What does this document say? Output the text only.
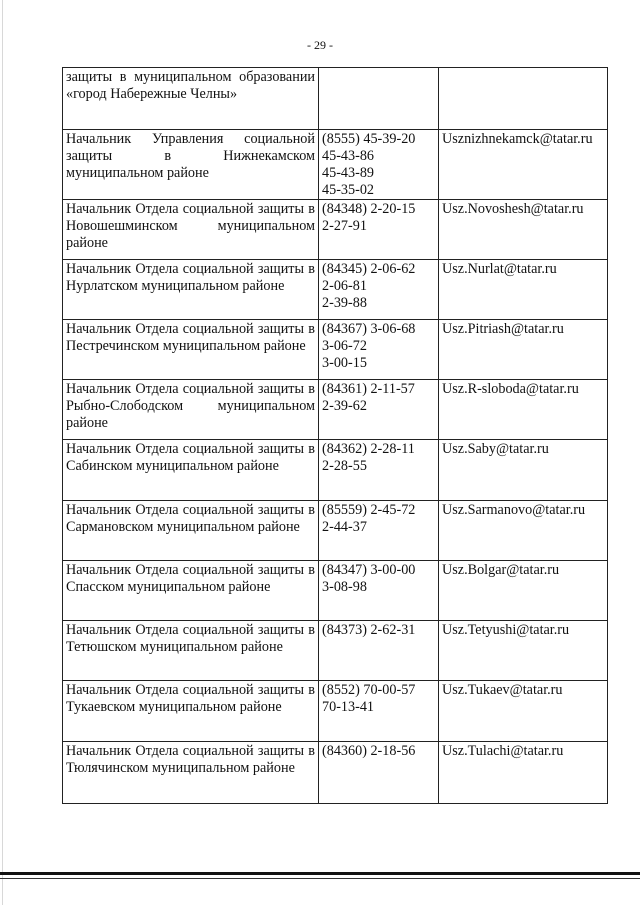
- 29 -
защиты в муниципальном образовании «город Набережные Челны»		
Начальник Управления социальной защиты в Нижнекамском муниципальном районе	(8555) 45-39-20
45-43-86
45-43-89
45-35-02	Usznizhnekamck@tatar.ru
Начальник Отдела социальной защиты в Новошешминском муниципальном районе	(84348) 2-20-15
2-27-91	Usz.Novoshesh@tatar.ru
Начальник Отдела социальной защиты в Нурлатском муниципальном районе	(84345) 2-06-62
2-06-81
2-39-88	Usz.Nurlat@tatar.ru
Начальник Отдела социальной защиты в Пестречинском муниципальном районе	(84367) 3-06-68
3-06-72
3-00-15	Usz.Pitriash@tatar.ru
Начальник Отдела социальной защиты в Рыбно-Слободском муниципальном районе	(84361) 2-11-57
2-39-62	Usz.R-sloboda@tatar.ru
Начальник Отдела социальной защиты в Сабинском муниципальном районе	(84362) 2-28-11
2-28-55	Usz.Saby@tatar.ru
Начальник Отдела социальной защиты в Сармановском муниципальном районе	(85559) 2-45-72
2-44-37	Usz.Sarmanovo@tatar.ru
Начальник Отдела социальной защиты в Спасском муниципальном районе	(84347) 3-00-00
3-08-98	Usz.Bolgar@tatar.ru
Начальник Отдела социальной защиты в Тетюшском муниципальном районе	(84373) 2-62-31	Usz.Tetyushi@tatar.ru
Начальник Отдела социальной защиты в Тукаевском муниципальном районе	(8552) 70-00-57
70-13-41	Usz.Tukaev@tatar.ru
Начальник Отдела социальной защиты в Тюлячинском муниципальном районе	(84360) 2-18-56	Usz.Tulachi@tatar.ru
